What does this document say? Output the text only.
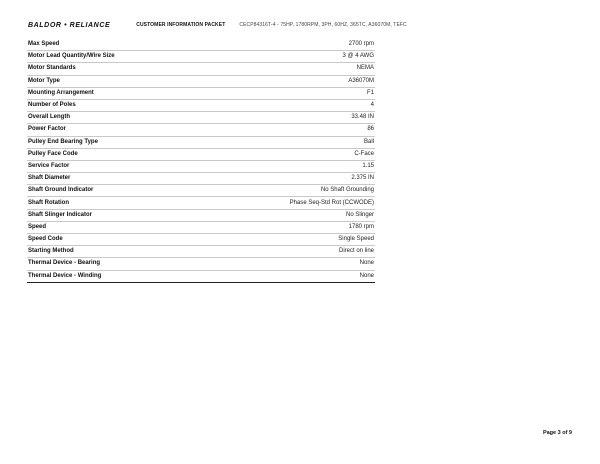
BALDOR • RELIANCE	CUSTOMER INFORMATION PACKET	CECP84316T-4 - 75HP, 1780RPM, 3PH, 60HZ, 365TC, A36070M, TEFC
Max Speed	2700 rpm
Motor Lead Quantity/Wire Size	3 @ 4 AWG
Motor Standards	NEMA
Motor Type	A36070M
Mounting Arrangement	F1
Number of Poles	4
Overall Length	33.48 IN
Power Factor	86
Pulley End Bearing Type	Ball
Pulley Face Code	C-Face
Service Factor	1.15
Shaft Diameter	2.375 IN
Shaft Ground Indicator	No Shaft Grounding
Shaft Rotation	Phase Seq-Std Rot (CCWODE)
Shaft Slinger Indicator	No Slinger
Speed	1780 rpm
Speed Code	Single Speed
Starting Method	Direct on line
Thermal Device - Bearing	None
Thermal Device - Winding	None
Page 3 of 9
